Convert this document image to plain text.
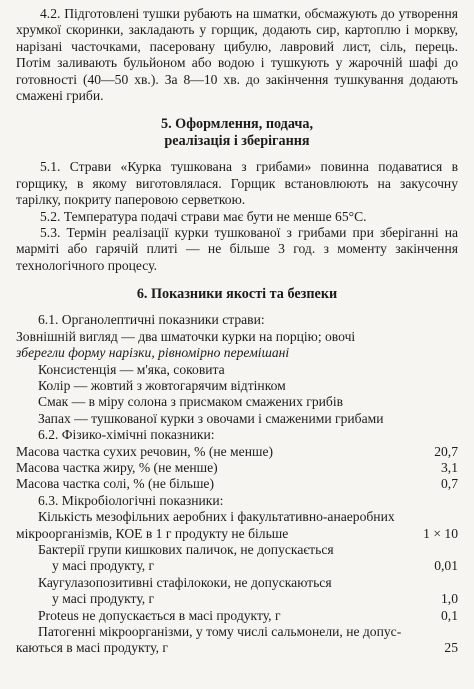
4.2. Підготовлені тушки рубають на шматки, обсмажують до утворення хрумкої скоринки, закладають у горщик, додають сир, картоплю і моркву, нарізані часточками, пасеровану цибулю, лавровий лист, сіль, перець. Потім заливають бульйоном або водою і тушкують у жарочній шафі до готовності (40—50 хв.). За 8—10 хв. до закінчення тушкування додають смажені гриби.

5. Оформлення, подача,
реалізація і зберігання

5.1. Страви «Курка тушкована з грибами» повинна подаватися в горщику, в якому виготовлялася. Горщик встановлюють на закусочну тарілку, покриту паперовою серветкою.

5.2. Температура подачі страви має бути не менше 65°С.

5.3. Термін реалізації курки тушкованої з грибами при зберіганні на марміті або гарячій плиті — не більше 3 год. з моменту закінчення технологічного процесу.

6. Показники якості та безпеки

6.1. Органолептичні показники страви:

Зовнішній вигляд — два шматочки курки на порцію; овочі

зберегли форму нарізки, рівномірно перемішані

Консистенція — м'яка, соковита

Колір — жовтий з жовтогарячим відтінком

Смак — в міру солона з присмаком смажених грибів

Запах — тушкованої курки з овочами і смаженими грибами

6.2. Фізико-хімічні показники:

Масова частка сухих речовин, % (не менше)	20,7
Масова частка жиру, % (не менше)	3,1
Масова частка солі, % (не більше)	0,7

6.3. Мікробіологічні показники:

Кількість мезофільних аеробних і факультативно-анаеробних

мікроорганізмів, КОЕ в 1 г продукту не більше	1 × 10

Бактерії групи кишкових паличок, не допускається

у масі продукту, г	0,01

Каугулазопозитивні стафілококи, не допускаються

у масі продукту, г	1,0
Proteus не допускається в масі продукту, г	0,1

Патогенні мікроорганізми, у тому числі сальмонели, не допус-

каються в масі продукту, г	25
